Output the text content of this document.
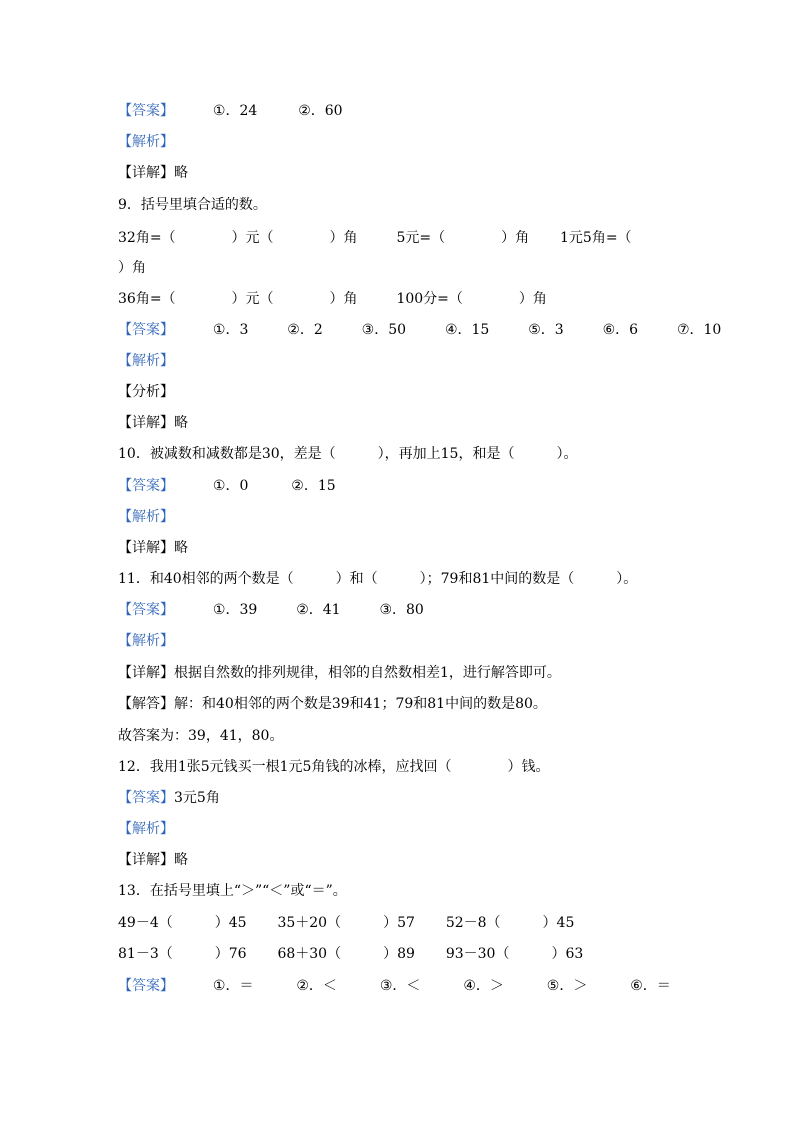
【答案】	①．24	②．60
【解析】
【详解】略
9．括号里填合适的数。
32角=（　　　　）元（　　　　）角	5元=（　　　　）角 1元5角=（
）角
36角=（　　　　）元（　　　　）角	100分=（　　　　）角
【答案】	①．3	②．2	③．50	④．15	⑤．3	⑥．6	⑦．10
【解析】
【分析】
【详解】略
10．被减数和减数都是30，差是（　　　），再加上15，和是（　　　）。
【答案】	①．0	②．15
【解析】
【详解】略
11．和40相邻的两个数是（　　　）和（　　　）；79和81中间的数是（　　　）。
【答案】	①．39	②．41	③．80
【解析】
【详解】根据自然数的排列规律，相邻的自然数相差1，进行解答即可。
【解答】解：和40相邻的两个数是39和41；79和81中间的数是80。
故答案为：39，41，80。
12．我用1张5元钱买一根1元5角钱的冰棒，应找回（　　　　）钱。
【答案】3元5角
【解析】
【详解】略
13．在括号里填上“＞”“＜”或“＝”。
49－4（　　　）45 35＋20（　　　）57 52－8（　　　）45
81－3（　　　）76 68＋30（　　　）89 93－30（　　　）63
【答案】	①．＝	②．＜	③．＜	④．＞	⑤．＞	⑥．＝
